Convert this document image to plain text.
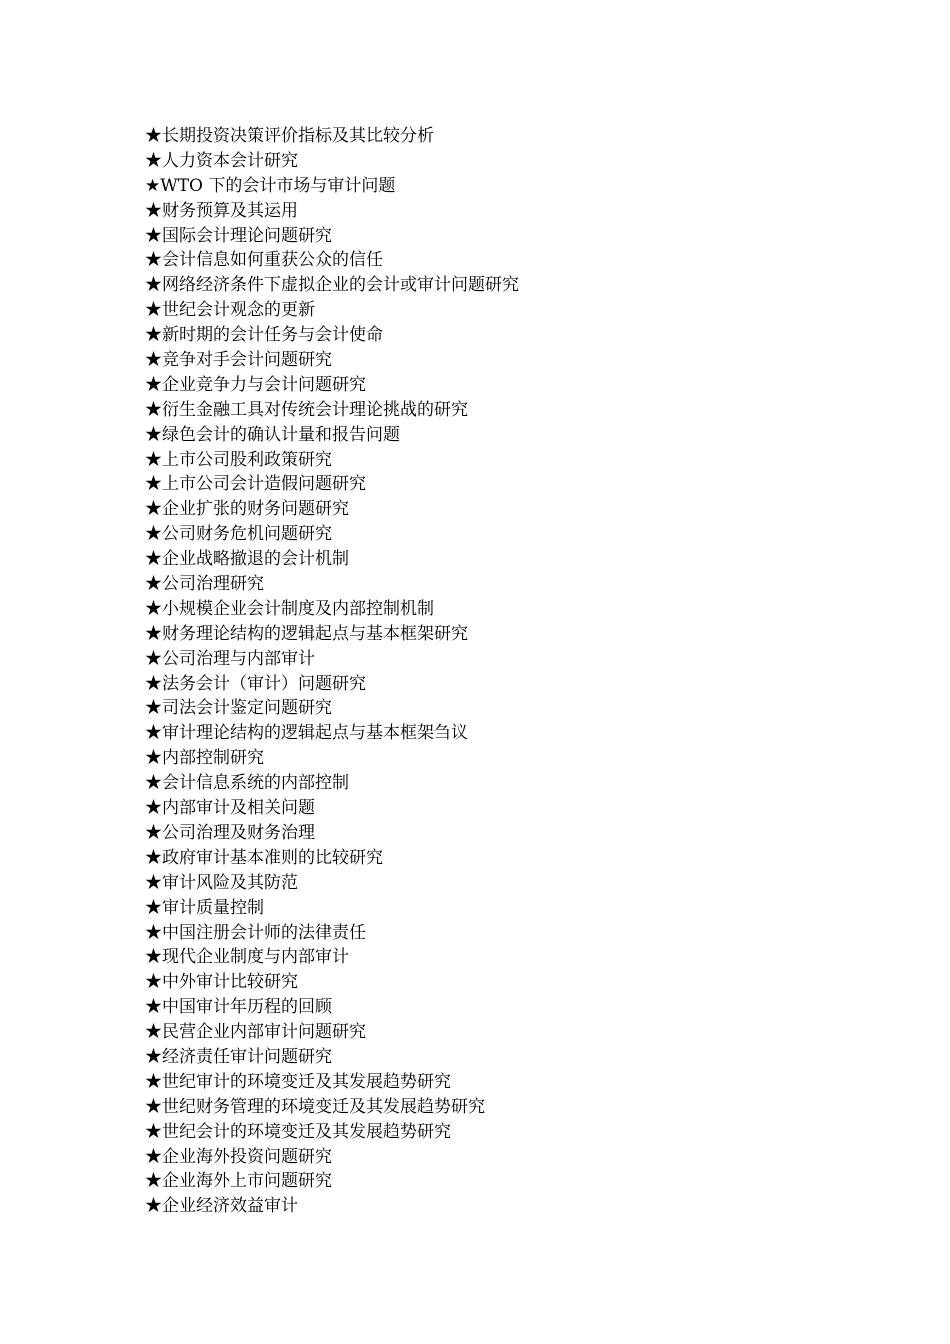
★长期投资决策评价指标及其比较分析
★人力资本会计研究
★WTO 下的会计市场与审计问题
★财务预算及其运用
★国际会计理论问题研究
★会计信息如何重获公众的信任
★网络经济条件下虚拟企业的会计或审计问题研究
★世纪会计观念的更新
★新时期的会计任务与会计使命
★竞争对手会计问题研究
★企业竞争力与会计问题研究
★衍生金融工具对传统会计理论挑战的研究
★绿色会计的确认计量和报告问题
★上市公司股利政策研究
★上市公司会计造假问题研究
★企业扩张的财务问题研究
★公司财务危机问题研究
★企业战略撤退的会计机制
★公司治理研究
★小规模企业会计制度及内部控制机制
★财务理论结构的逻辑起点与基本框架研究
★公司治理与内部审计
★法务会计（审计）问题研究
★司法会计鉴定问题研究
★审计理论结构的逻辑起点与基本框架刍议
★内部控制研究
★会计信息系统的内部控制
★内部审计及相关问题
★公司治理及财务治理
★政府审计基本准则的比较研究
★审计风险及其防范
★审计质量控制
★中国注册会计师的法律责任
★现代企业制度与内部审计
★中外审计比较研究
★中国审计年历程的回顾
★民营企业内部审计问题研究
★经济责任审计问题研究
★世纪审计的环境变迁及其发展趋势研究
★世纪财务管理的环境变迁及其发展趋势研究
★世纪会计的环境变迁及其发展趋势研究
★企业海外投资问题研究
★企业海外上市问题研究
★企业经济效益审计
